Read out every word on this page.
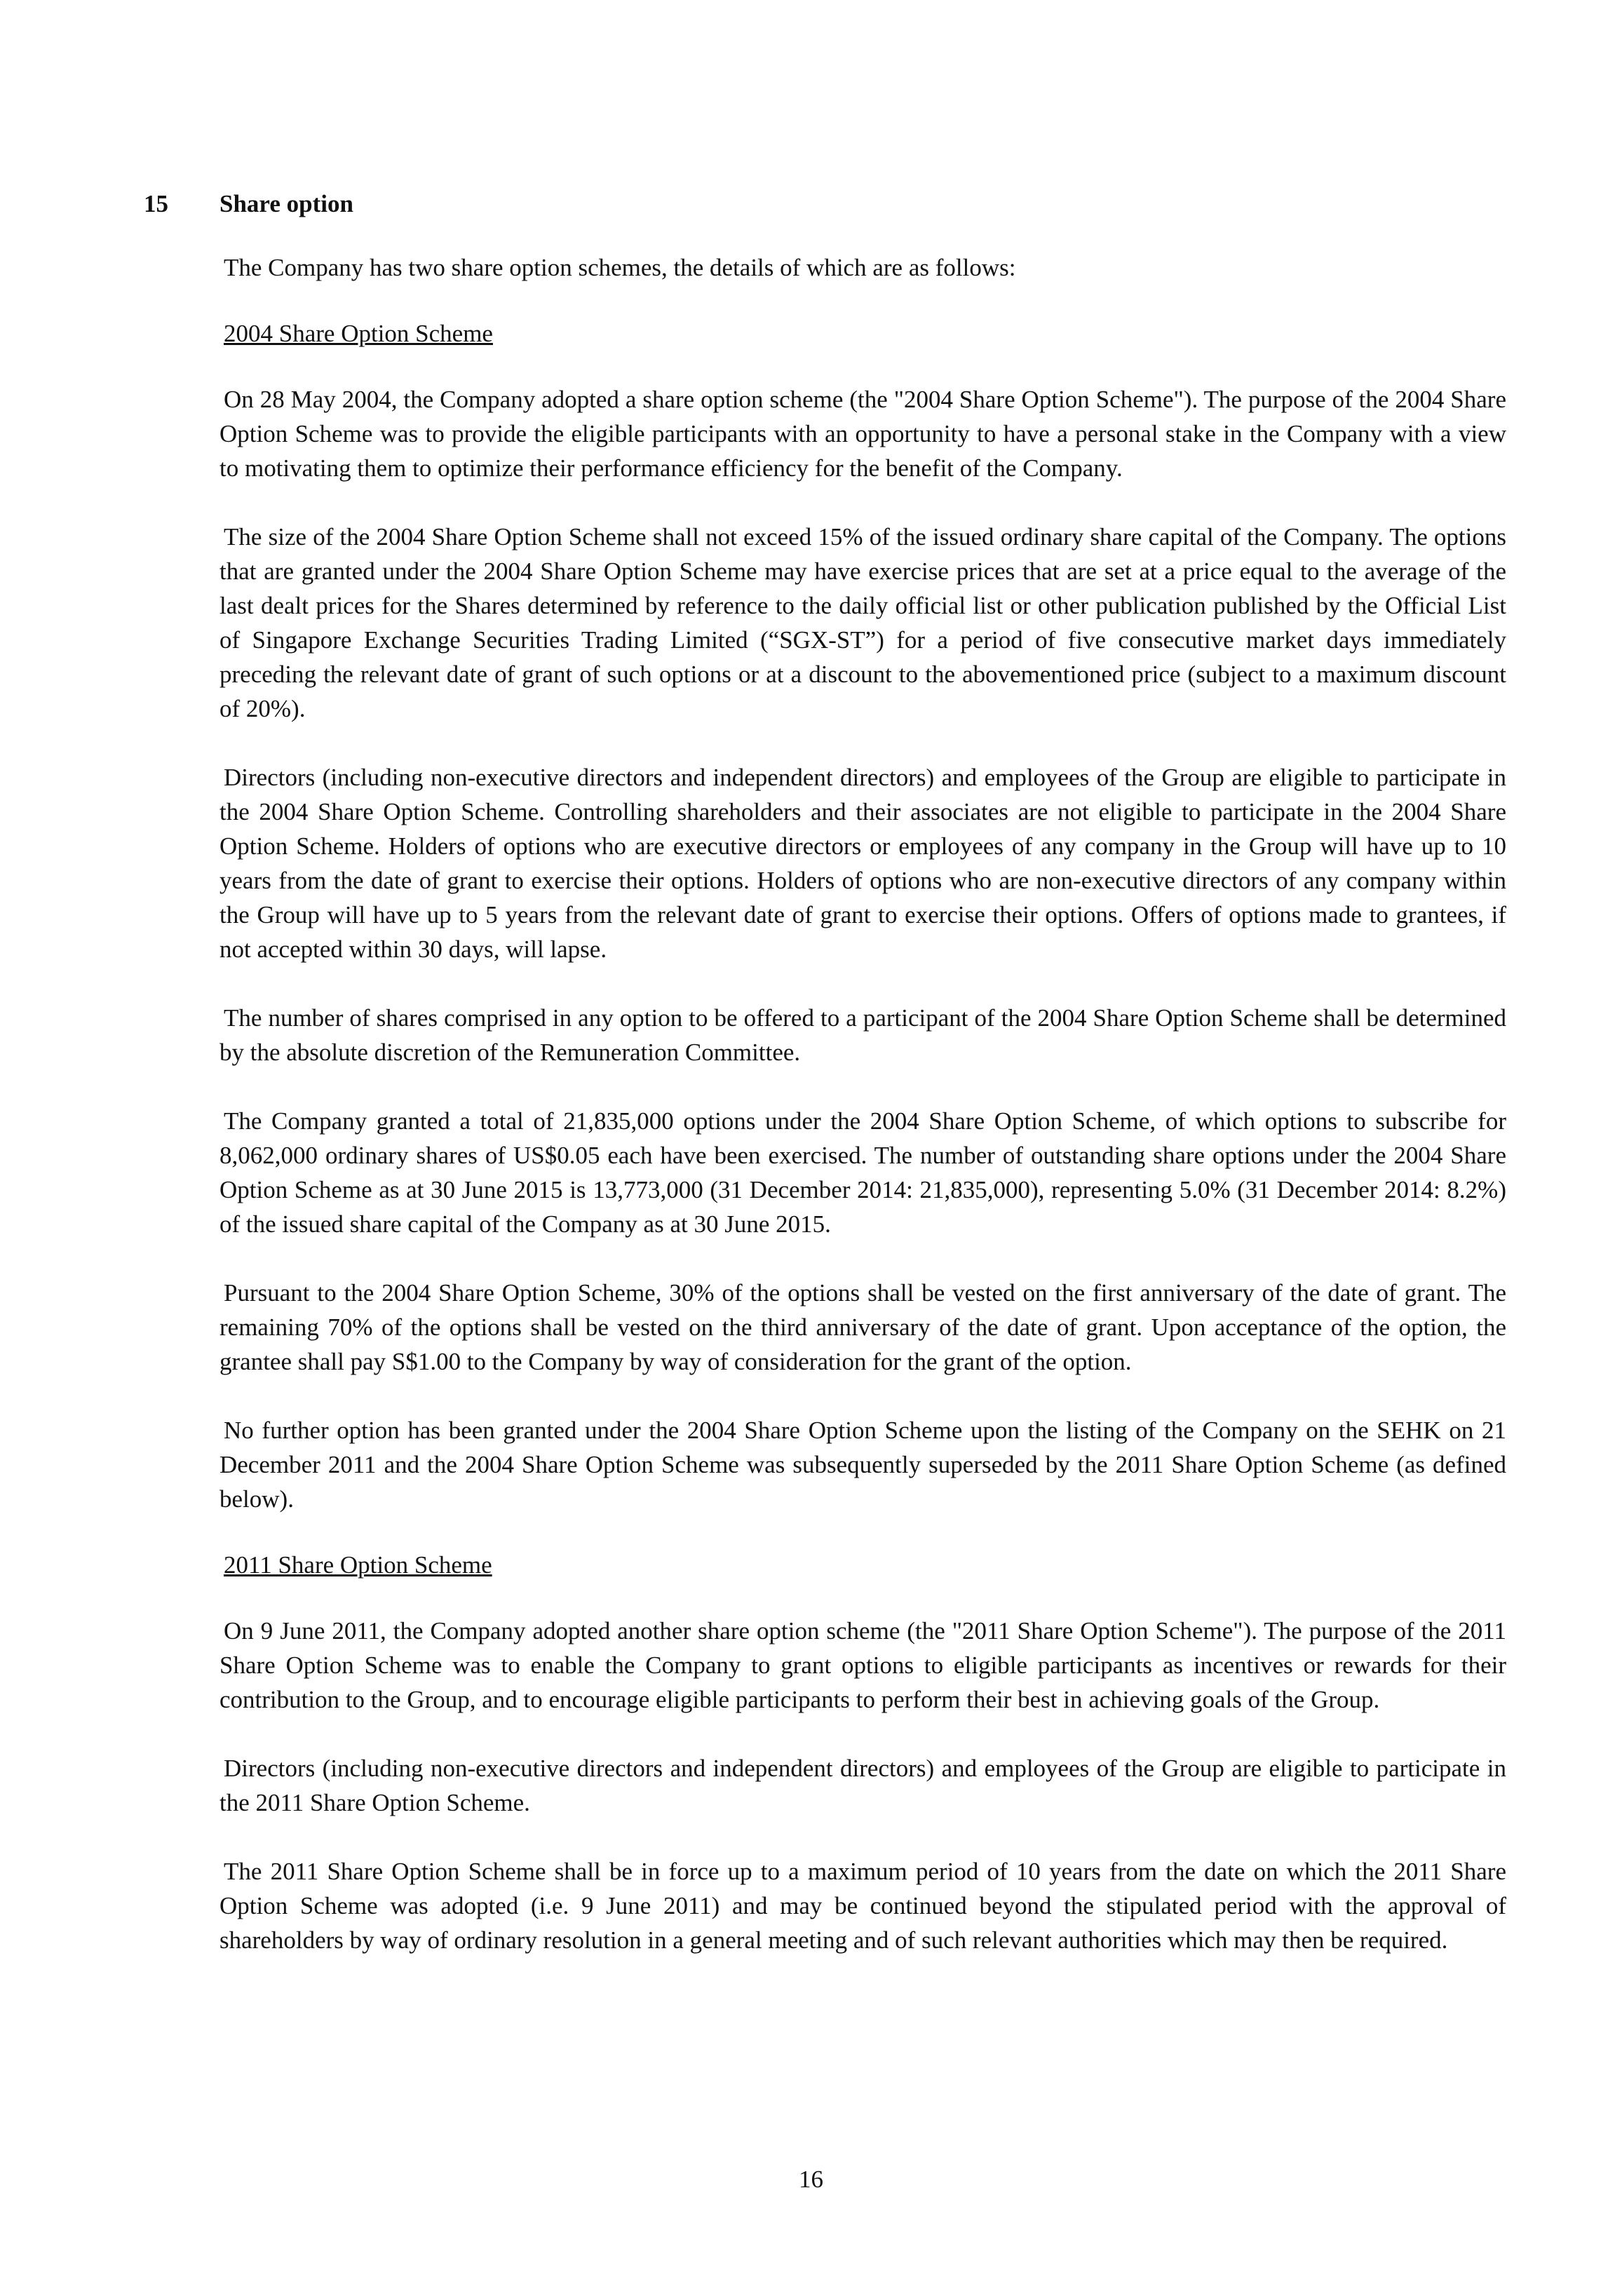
15 Share option

The Company has two share option schemes, the details of which are as follows:

2004 Share Option Scheme

On 28 May 2004, the Company adopted a share option scheme (the "2004 Share Option Scheme"). The purpose of the 2004 Share Option Scheme was to provide the eligible participants with an opportunity to have a personal stake in the Company with a view to motivating them to optimize their performance efficiency for the benefit of the Company.

The size of the 2004 Share Option Scheme shall not exceed 15% of the issued ordinary share capital of the Company. The options that are granted under the 2004 Share Option Scheme may have exercise prices that are set at a price equal to the average of the last dealt prices for the Shares determined by reference to the daily official list or other publication published by the Official List of Singapore Exchange Securities Trading Limited (“SGX-ST”) for a period of five consecutive market days immediately preceding the relevant date of grant of such options or at a discount to the abovementioned price (subject to a maximum discount of 20%).

Directors (including non-executive directors and independent directors) and employees of the Group are eligible to participate in the 2004 Share Option Scheme. Controlling shareholders and their associates are not eligible to participate in the 2004 Share Option Scheme. Holders of options who are executive directors or employees of any company in the Group will have up to 10 years from the date of grant to exercise their options. Holders of options who are non-executive directors of any company within the Group will have up to 5 years from the relevant date of grant to exercise their options. Offers of options made to grantees, if not accepted within 30 days, will lapse.

The number of shares comprised in any option to be offered to a participant of the 2004 Share Option Scheme shall be determined by the absolute discretion of the Remuneration Committee.

The Company granted a total of 21,835,000 options under the 2004 Share Option Scheme, of which options to subscribe for 8,062,000 ordinary shares of US$0.05 each have been exercised. The number of outstanding share options under the 2004 Share Option Scheme as at 30 June 2015 is 13,773,000 (31 December 2014: 21,835,000), representing 5.0% (31 December 2014: 8.2%) of the issued share capital of the Company as at 30 June 2015.

Pursuant to the 2004 Share Option Scheme, 30% of the options shall be vested on the first anniversary of the date of grant. The remaining 70% of the options shall be vested on the third anniversary of the date of grant. Upon acceptance of the option, the grantee shall pay S$1.00 to the Company by way of consideration for the grant of the option.

No further option has been granted under the 2004 Share Option Scheme upon the listing of the Company on the SEHK on 21 December 2011 and the 2004 Share Option Scheme was subsequently superseded by the 2011 Share Option Scheme (as defined below).

2011 Share Option Scheme

On 9 June 2011, the Company adopted another share option scheme (the "2011 Share Option Scheme"). The purpose of the 2011 Share Option Scheme was to enable the Company to grant options to eligible participants as incentives or rewards for their contribution to the Group, and to encourage eligible participants to perform their best in achieving goals of the Group.

Directors (including non-executive directors and independent directors) and employees of the Group are eligible to participate in the 2011 Share Option Scheme.

The 2011 Share Option Scheme shall be in force up to a maximum period of 10 years from the date on which the 2011 Share Option Scheme was adopted (i.e. 9 June 2011) and may be continued beyond the stipulated period with the approval of shareholders by way of ordinary resolution in a general meeting and of such relevant authorities which may then be required.

16
